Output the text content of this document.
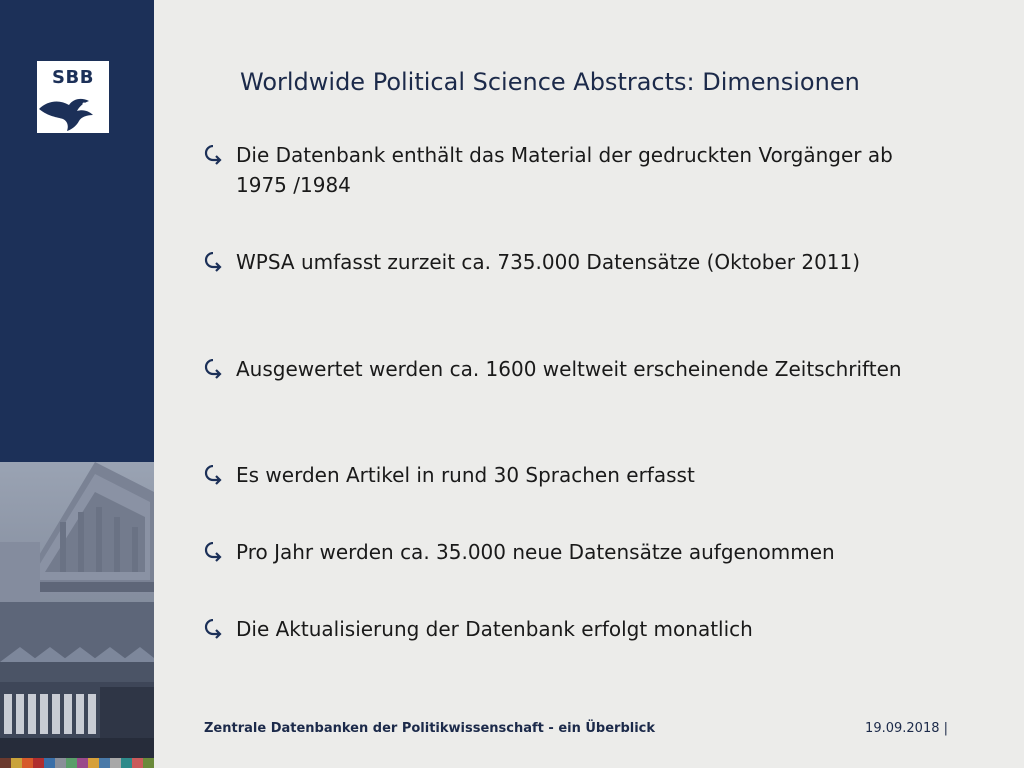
SBB	Worldwide Political Science Abstracts: Dimensionen
Die Datenbank enthält das Material der gedruckten Vorgänger ab 1975 /1984
WPSA umfasst zurzeit ca. 735.000 Datensätze (Oktober 2011)
Ausgewertet werden ca. 1600 weltweit erscheinende Zeitschriften
Es werden Artikel in rund 30 Sprachen erfasst
Pro Jahr werden ca. 35.000 neue Datensätze aufgenommen
Die Aktualisierung der Datenbank erfolgt monatlich
Zentrale Datenbanken der Politikwissenschaft - ein Überblick	19.09.2018 |
